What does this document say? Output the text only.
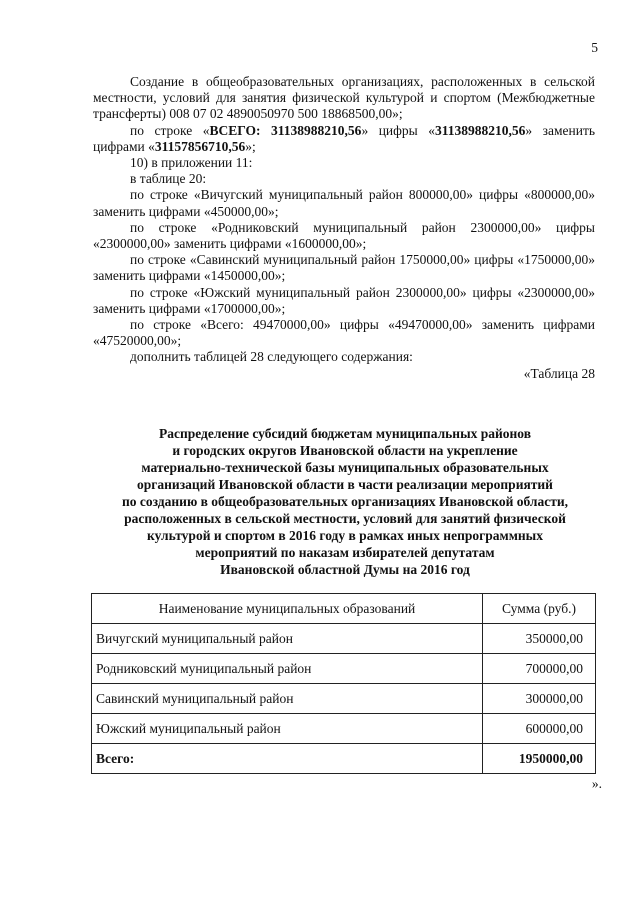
5

Создание в общеобразовательных организациях, расположенных в сельской местности, условий для занятия физической культурой и спортом (Межбюджетные трансферты) 008 07 02 4890050970 500 18868500,00»;

по строке «ВСЕГО: 31138988210,56» цифры «31138988210,56» заменить цифрами «31157856710,56»;

10) в приложении 11:

в таблице 20:

по строке «Вичугский муниципальный район 800000,00» цифры «800000,00» заменить цифрами «450000,00»;

по строке «Родниковский муниципальный район 2300000,00» цифры «2300000,00» заменить цифрами «1600000,00»;

по строке «Савинский муниципальный район 1750000,00» цифры «1750000,00» заменить цифрами «1450000,00»;

по строке «Южский муниципальный район 2300000,00» цифры «2300000,00» заменить цифрами «1700000,00»;

по строке «Всего: 49470000,00» цифры «49470000,00» заменить цифрами «47520000,00»;

дополнить таблицей 28 следующего содержания:

«Таблица 28

Распределение субсидий бюджетам муниципальных районов
и городских округов Ивановской области на укрепление
материально-технической базы муниципальных образовательных
организаций Ивановской области в части реализации мероприятий
по созданию в общеобразовательных организациях Ивановской области,
расположенных в сельской местности, условий для занятий физической
культурой и спортом в 2016 году в рамках иных непрограммных
мероприятий по наказам избирателей депутатам
Ивановской областной Думы на 2016 год
Наименование муниципальных образований	Сумма (руб.)
Вичугский муниципальный район	350000,00
Родниковский муниципальный район	700000,00
Савинский муниципальный район	300000,00
Южский муниципальный район	600000,00
Всего:	1950000,00
».
